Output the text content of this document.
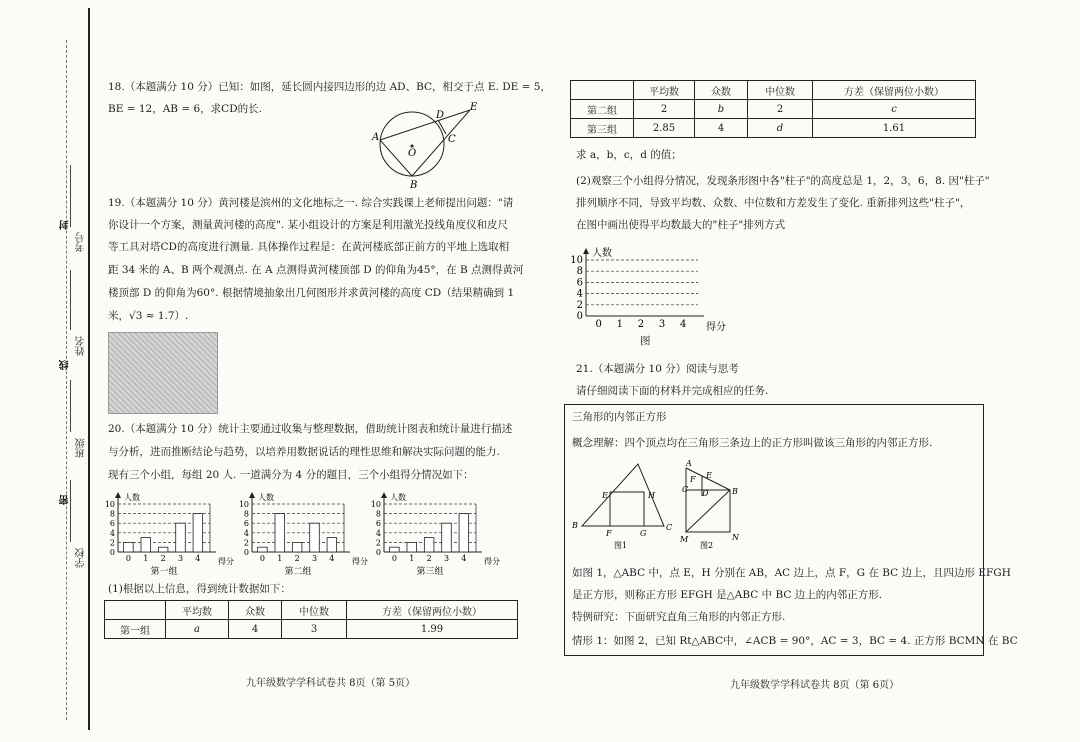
考号
姓名
班级
学校
封
线
密
18.（本题满分 10 分）已知：如图，延长圆内接四边形的边 AD、BC，相交于点 E. DE = 5，
BE = 12，AB = 6，求CD的长.
A
B
C
D
E
O
19.（本题满分 10 分）黄河楼是滨州的文化地标之一. 综合实践课上老师提出问题："请
你设计一个方案，测量黄河楼的高度". 某小组设计的方案是利用激光投线角度仪和皮尺
等工具对塔CD的高度进行测量. 具体操作过程是：在黄河楼底部正前方的平地上选取相
距 34 米的 A、B 两个观测点. 在 A 点测得黄河楼顶部 D 的仰角为45°，在 B 点测得黄河
楼顶部 D 的仰角为60°. 根据情境抽象出几何图形并求黄河楼的高度 CD（结果精确到 1
米，√3 ≈ 1.7）.
20.（本题满分 10 分）统计主要通过收集与整理数据，借助统计图表和统计量进行描述
与分析，进而推断结论与趋势，以培养用数据说话的理性思维和解决实际问题的能力.
现有三个小组，每组 20 人. 一道满分为 4 分的题目，三个小组得分情况如下：
人数
0
2
4
6
8
10
0 1 2 3 4 得分
第一组
人数
0
2
4
6
8
10
0 1 2 3 4 得分
第二组
人数
0
2
4
6
8
10
0 1 2 3 4 得分
第三组
(1)根据以上信息，得到统计数据如下：
	平均数	众数	中位数	方差（保留两位小数）
第一组	a	4	3	1.99
九年级数学学科试卷共 8页（第 5页）
	平均数	众数	中位数	方差（保留两位小数）
第二组	2	b	2	c
第三组	2.85	4	d	1.61
求 a，b，c，d 的值；
(2)观察三个小组得分情况，发现条形图中各"柱子"的高度总是 1，2，3，6，8. 因"柱子"
排列顺序不同，导致平均数、众数、中位数和方差发生了变化. 重新排列这些"柱子"，
在图中画出使得平均数最大的"柱子"排列方式
人数
0
2
4
6
8
10
0 1 2 3 4 得分
图
21.（本题满分 10 分）阅读与思考
请仔细阅读下面的材料并完成相应的任务.
三角形的内邻正方形
概念理解：四个顶点均在三角形三条边上的正方形叫做该三角形的内邻正方形.
A
B	C
E	H
F	G
图1
C	B
D
E
F
M	N
图2
如图 1，△ABC 中，点 E，H 分别在 AB，AC 边上，点 F，G 在 BC 边上，且四边形 EFGH
是正方形，则称正方形 EFGH 是△ABC 中 BC 边上的内邻正方形.
特例研究：下面研究直角三角形的内邻正方形.
情形 1：如图 2，已知 Rt△ABC中，∠ACB = 90°，AC = 3，BC = 4. 正方形 BCMN 在 BC
九年级数学学科试卷共 8页（第 6页）
